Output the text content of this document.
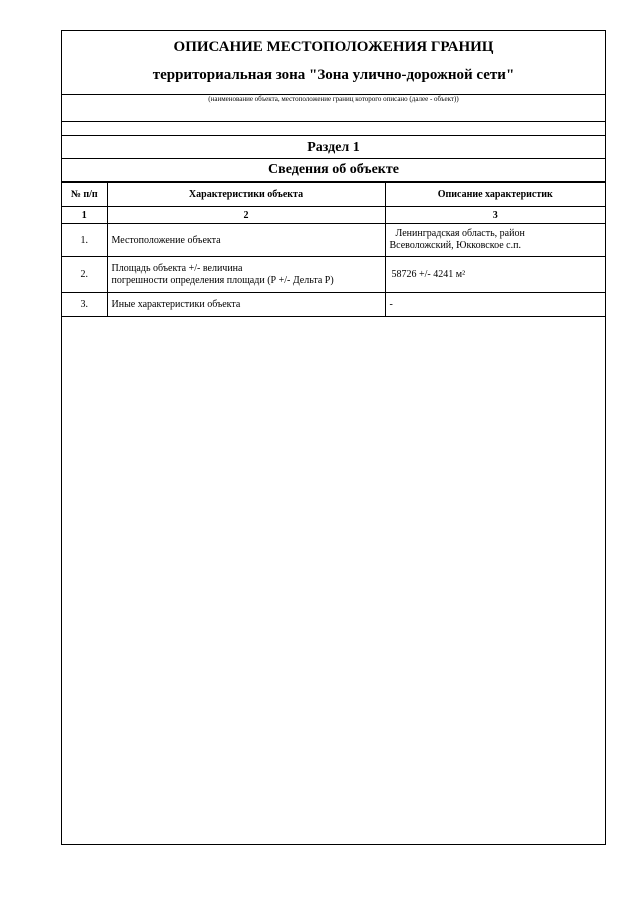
ОПИСАНИЕ МЕСТОПОЛОЖЕНИЯ ГРАНИЦ
территориальная зона "Зона улично-дорожной сети"
(наименование объекта, местоположение границ которого описано (далее - объект))
Раздел 1
Сведения об объекте
№ п/п	Характеристики объекта	Описание характеристик
1	2	3
1.	Местоположение объекта	Ленинградская область, район
Всеволожский, Юкковское с.п.

2.	Площадь объекта +/- величина
погрешности определения площади (Р +/- Дельта Р)	58726 +/- 4241 м²
3.	Иные характеристики объекта	-
